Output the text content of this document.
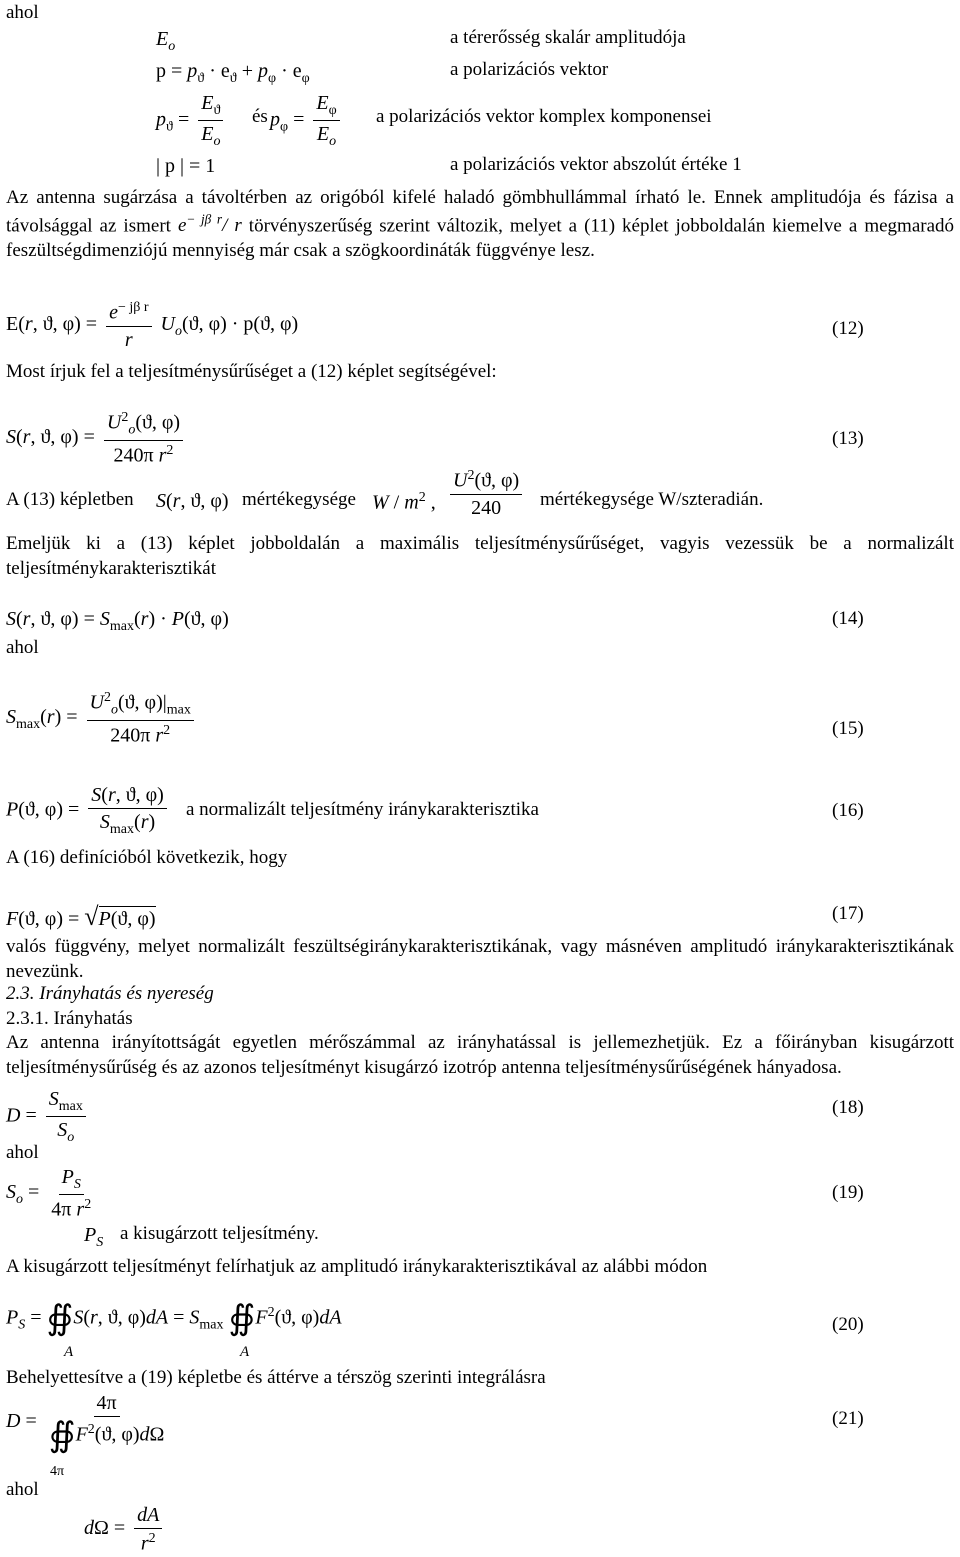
ahol
$E_o$	a térerősség skalár amplitudója
$p = p_ϑ \cdot e_ϑ + p_\varphi \cdot e_\varphi$	a polarizációs vektor
$p_ϑ = \frac{E_ϑ}{E_o}$ és $p_\varphi = \frac{E_\varphi}{E_o}$ a polarizációs vektor komplex komponensei
| p | = 1	a polarizációs vektor abszolút értéke 1
Az antenna sugárzása a távoltérben az origóból kifelé haladó gömbhullámmal írható le. Ennek amplitudója és fázisa a távolsággal az ismert $e^{- j\beta r}/$ r törvényszerűség szerint változik, melyet a (11) képlet jobboldalán kiemelve a megmaradó feszültségdimenziójú mennyiség már csak a szögkoordináták függvénye lesz.
E(r, ϑ, $\varphi) = \frac{e^{- j\beta r}}{r} U_o(ϑ$, φ) · p(ϑ, φ)	(12)
Most írjuk fel a teljesítménysűrűséget a (12) képlet segítségével:
S(r, ϑ, $\varphi) = \frac{U^2_o(ϑ, \varphi)}{240\pi r^2}$	(13)
A (13) képletben S(r, ϑ, φ) mértékegysége W / $m^2$ , $\frac{U^2(ϑ, \varphi)}{240}$ mértékegysége W/szteradián.
Emeljük ki a (13) képlet jobboldalán a maximális teljesítménysűrűséget, vagyis vezessük be a normalizált teljesítménykarakterisztikát
S(r, ϑ, $\varphi) = S_{max}(r) \cdot P(ϑ$, φ)	(14)
ahol
$S_{max}(r) = \frac{U^2_o(ϑ, \varphi)|_{max}}{240\pi r^2}$	(15)
P(ϑ, $\varphi) = \frac{S(r, ϑ, \varphi)}{S_{max}(r)}$ a normalizált teljesítmény iránykarakterisztika	(16)
A (16) definícióból következik, hogy
F(ϑ, φ) = √P(ϑ, φ)	(17)
valós függvény, melyet normalizált feszültségiránykarakterisztikának, vagy másnéven amplitudó iránykarakterisztikának nevezünk.
2.3. Irányhatás és nyereség
2.3.1. Irányhatás
Az antenna irányítottságát egyetlen mérőszámmal az irányhatással is jellemezhetjük. Ez a főirányban kisugárzott teljesítménysűrűség és az azonos teljesítményt kisugárzó izotróp antenna teljesítménysűrűségének hányadosa.
$D = \frac{S_{max}}{S_o}$	(18)
ahol
$S_o = \frac{P_S}{4\pi r^2}$	(19)
$P_S$ a kisugárzott teljesítmény.
A kisugárzott teljesítményt felírhatjuk az amplitudó iránykarakterisztikával az alábbi módon
$P_S$ = ∯S(r, ϑ, $\varphi)dA = S_{max}$ $∯F^2(ϑ$, φ)dA
A	A
(20)
Behelyettesítve a (19) képletbe és áttérve a térszög szerinti integrálásra
$D = \frac{4\pi}{∯F^2(ϑ, \varphi)d\Omega}$
4π
(21)
ahol
$d\Omega = \frac{dA}{r^2}$
